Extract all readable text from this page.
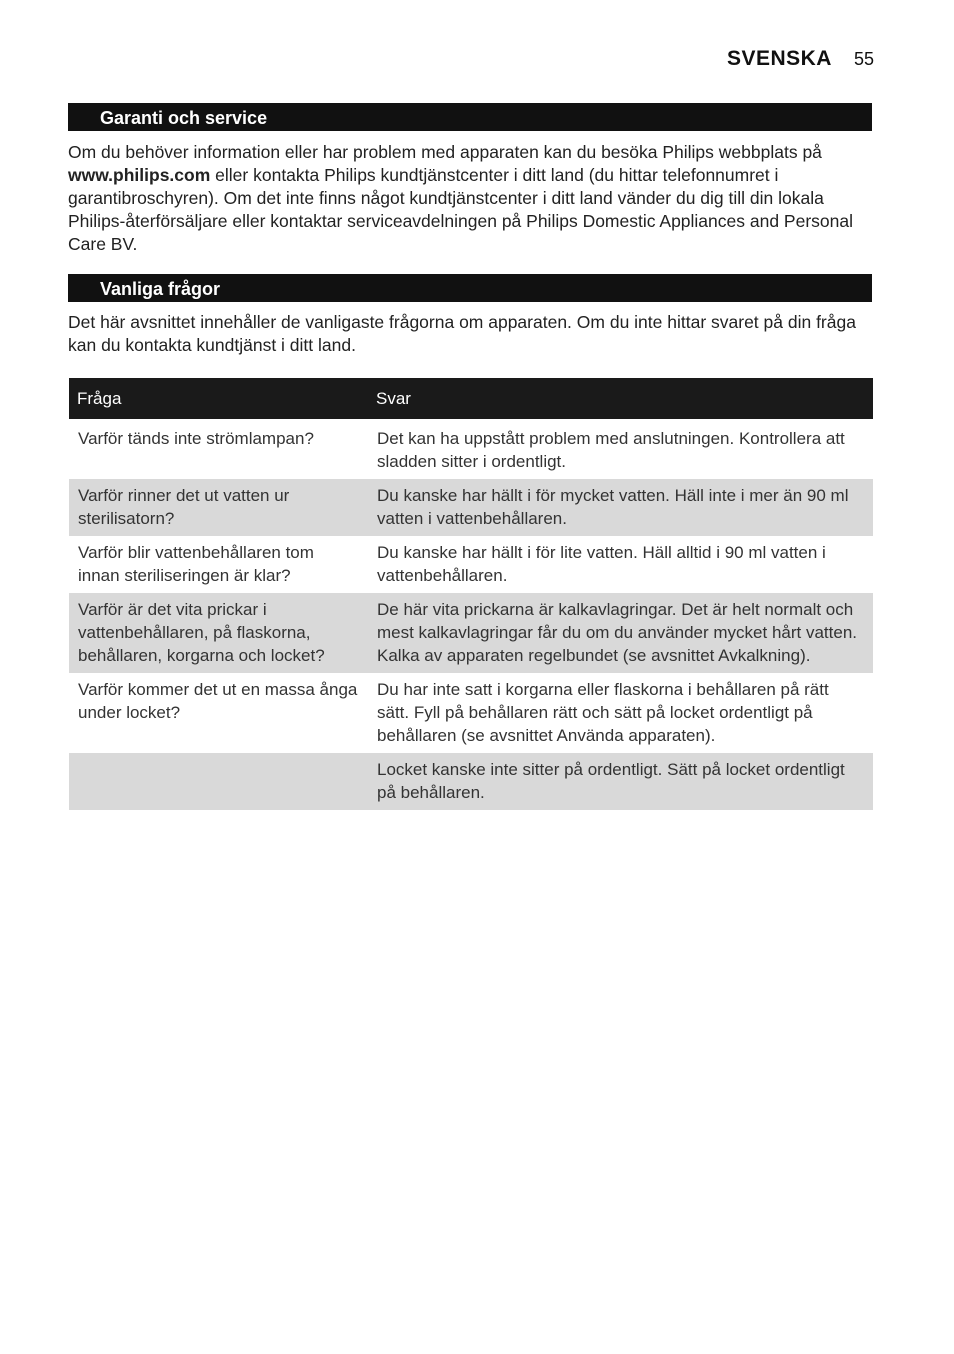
SVENSKA 55
Garanti och service
Om du behöver information eller har problem med apparaten kan du besöka Philips webbplats på www.philips.com eller kontakta Philips kundtjänstcenter i ditt land (du hittar telefonnumret i garantibroschyren). Om det inte finns något kundtjänstcenter i ditt land vänder du dig till din lokala Philips-återförsäljare eller kontaktar serviceavdelningen på Philips Domestic Appliances and Personal Care BV.
Vanliga frågor
Det här avsnittet innehåller de vanligaste frågorna om apparaten. Om du inte hittar svaret på din fråga kan du kontakta kundtjänst i ditt land.
Fråga	Svar
Varför tänds inte strömlampan?	Det kan ha uppstått problem med anslutningen. Kontrollera att sladden sitter i ordentligt.
Varför rinner det ut vatten ur sterilisatorn?	Du kanske har hällt i för mycket vatten. Häll inte i mer än 90 ml vatten i vattenbehållaren.
Varför blir vattenbehållaren tom innan steriliseringen är klar?	Du kanske har hällt i för lite vatten. Häll alltid i 90 ml vatten i vattenbehållaren.
Varför är det vita prickar i vattenbehållaren, på flaskorna, behållaren, korgarna och locket?	De här vita prickarna är kalkavlagringar. Det är helt normalt och mest kalkavlagringar får du om du använder mycket hårt vatten. Kalka av apparaten regelbundet (se avsnittet Avkalkning).
Varför kommer det ut en massa ånga under locket?	Du har inte satt i korgarna eller flaskorna i behållaren på rätt sätt. Fyll på behållaren rätt och sätt på locket ordentligt på behållaren (se avsnittet Använda apparaten).
	Locket kanske inte sitter på ordentligt. Sätt på locket ordentligt på behållaren.
